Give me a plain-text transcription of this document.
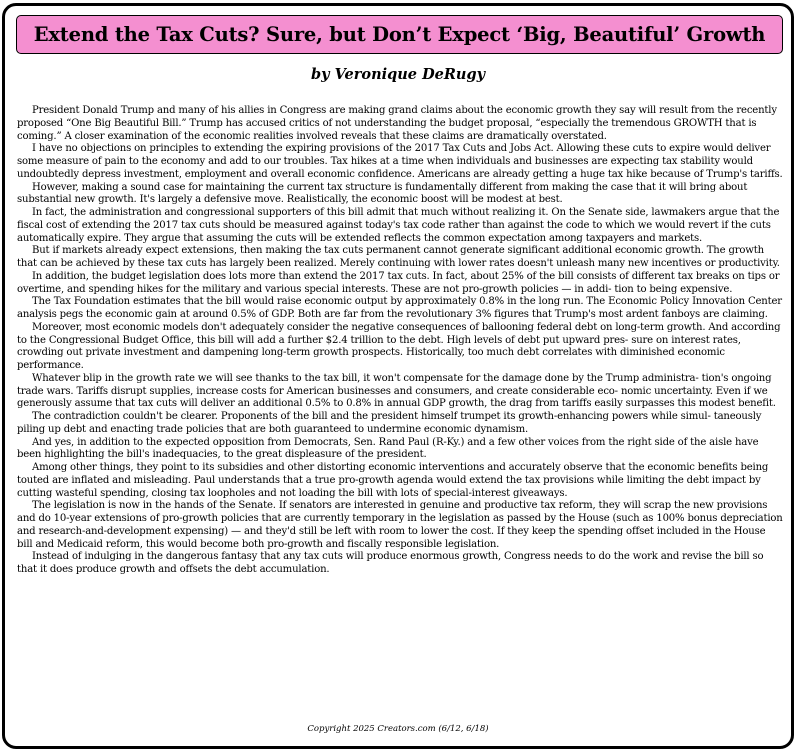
Extend the Tax Cuts? Sure, but Don’t Expect ‘Big, Beautiful’ Growth
by Veronique DeRugy

President Donald Trump and many of his allies in Congress are making grand claims about the economic growth they say will result from the recently proposed “One Big Beautiful Bill.” Trump has accused critics of not understanding the budget proposal, “especially the tremendous GROWTH that is coming.” A closer examination of the economic realities involved reveals that these claims are dramatically overstated.

I have no objections on principles to extending the expiring provisions of the 2017 Tax Cuts and Jobs Act. Allowing these cuts to expire would deliver some measure of pain to the economy and add to our troubles. Tax hikes at a time when individuals and businesses are expecting tax stability would undoubtedly depress investment, employment and overall economic confidence. Americans are already getting a huge tax hike because of Trump's tariffs.

However, making a sound case for maintaining the current tax structure is fundamentally different from making the case that it will bring about substantial new growth. It's largely a defensive move. Realistically, the economic boost will be modest at best.

In fact, the administration and congressional supporters of this bill admit that much without realizing it. On the Senate side, lawmakers argue that the fiscal cost of extending the 2017 tax cuts should be measured against today's tax code rather than against the code to which we would revert if the cuts automatically expire. They argue that assuming the cuts will be extended reflects the common expectation among taxpayers and markets.

But if markets already expect extensions, then making the tax cuts permanent cannot generate significant additional economic growth. The growth that can be achieved by these tax cuts has largely been realized. Merely continuing with lower rates doesn't unleash many new incentives or productivity.

In addition, the budget legislation does lots more than extend the 2017 tax cuts. In fact, about 25% of the bill consists of different tax breaks on tips or overtime, and spending hikes for the military and various special interests. These are not pro-growth policies — in addi- tion to being expensive.

The Tax Foundation estimates that the bill would raise economic output by approximately 0.8% in the long run. The Economic Policy Innovation Center analysis pegs the economic gain at around 0.5% of GDP. Both are far from the revolutionary 3% figures that Trump's most ardent fanboys are claiming.

Moreover, most economic models don't adequately consider the negative consequences of ballooning federal debt on long-term growth. And according to the Congressional Budget Office, this bill will add a further $2.4 trillion to the debt. High levels of debt put upward pres- sure on interest rates, crowding out private investment and dampening long-term growth prospects. Historically, too much debt correlates with diminished economic performance.

Whatever blip in the growth rate we will see thanks to the tax bill, it won't compensate for the damage done by the Trump administra- tion's ongoing trade wars. Tariffs disrupt supplies, increase costs for American businesses and consumers, and create considerable eco- nomic uncertainty. Even if we generously assume that tax cuts will deliver an additional 0.5% to 0.8% in annual GDP growth, the drag from tariffs easily surpasses this modest benefit.

The contradiction couldn't be clearer. Proponents of the bill and the president himself trumpet its growth-enhancing powers while simul- taneously piling up debt and enacting trade policies that are both guaranteed to undermine economic dynamism.

And yes, in addition to the expected opposition from Democrats, Sen. Rand Paul (R-Ky.) and a few other voices from the right side of the aisle have been highlighting the bill's inadequacies, to the great displeasure of the president.

Among other things, they point to its subsidies and other distorting economic interventions and accurately observe that the economic benefits being touted are inflated and misleading. Paul understands that a true pro-growth agenda would extend the tax provisions while limiting the debt impact by cutting wasteful spending, closing tax loopholes and not loading the bill with lots of special-interest giveaways.

The legislation is now in the hands of the Senate. If senators are interested in genuine and productive tax reform, they will scrap the new provisions and do 10-year extensions of pro-growth policies that are currently temporary in the legislation as passed by the House (such as 100% bonus depreciation and research-and-development expensing) — and they'd still be left with room to lower the cost. If they keep the spending offset included in the House bill and Medicaid reform, this would become both pro-growth and fiscally responsible legislation.

Instead of indulging in the dangerous fantasy that any tax cuts will produce enormous growth, Congress needs to do the work and revise the bill so that it does produce growth and offsets the debt accumulation.

Copyright 2025 Creators.com (6/12, 6/18)
